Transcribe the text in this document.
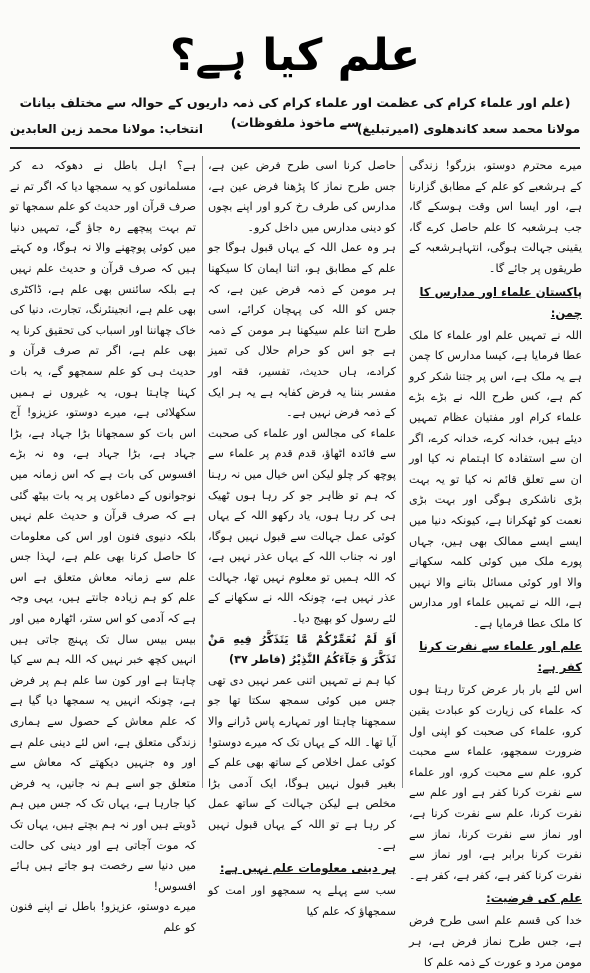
علم کیا ہے؟
(علم اور علماء کرام کی عظمت اور علماء کرام کی ذمہ داریوں کے حوالہ سے مختلف بیانات سے ماخوذ ملفوظات)
مولانا محمد سعد کاندھلوی (امیرتبلیغ)
انتخاب: مولانا محمد زین العابدین

میرے محترم دوستو، بزرگو! زندگی کے ہرشعبے کو علم کے مطابق گزارنا ہے، اور ایسا اس وقت ہوسکے گا، جب ہرشعبہ کا علم حاصل کرے گا، یقینی جہالت ہوگی، انتہاہرشعبہ کے طریقوں پر جائے گا۔

پاکستان علماء اور مدارس کا چمن:

اللہ نے تمہیں علم اور علماء کا ملک عطا فرمایا ہے، کیسا مدارس کا چمن ہے یہ ملک ہے، اس پر جتنا شکر کرو کم ہے، کس طرح اللہ نے بڑے بڑے علماء کرام اور مفتیان عظام تمہیں دیئے ہیں، خدانہ کرے، خدانہ کرے، اگر ان سے استفادہ کا اہتمام نہ کیا اور ان سے تعلق قائم نہ کیا تو یہ بہت بڑی ناشکری ہوگی اور بہت بڑی نعمت کو ٹھکرانا ہے، کیونکہ دنیا میں ایسے ایسے ممالک بھی ہیں، جہاں پورے ملک میں کوئی کلمہ سکھانے والا اور کوئی مسائل بتانے والا نہیں ہے، اللہ نے تمہیں علماء اور مدارس کا ملک عطا فرمایا ہے۔

علم اور علماء سے نفرت کرنا کفر ہے:

اس لئے بار بار عرض کرتا رہتا ہوں کہ علماء کی زیارت کو عبادت یقین کرو، علماء کی صحبت کو اپنی اول ضرورت سمجھو، علماء سے محبت کرو، علم سے محبت کرو، اور علماء سے نفرت کرنا کفر ہے اور علم سے نفرت کرنا، علم سے نفرت کرنا ہے، اور نماز سے نفرت کرنا، نماز سے نفرت کرنا برابر ہے، اور نماز سے نفرت کرنا کفر ہے، کفر ہے، کفر ہے۔

علم کی فرضیت:

خدا کی قسم علم اسی طرح فرض ہے، جس طرح نماز فرض ہے، ہر مومن مرد و عورت کے ذمہ علم کا

حاصل کرنا اسی طرح فرض عین ہے، جس طرح نماز کا پڑھنا فرض عین ہے، مدارس کی طرف رخ کرو اور اپنے بچوں کو دینی مدارس میں داخل کرو۔

ہر وہ عمل اللہ کے یہاں قبول ہوگا جو علم کے مطابق ہو، اتنا ایمان کا سیکھنا ہر مومن کے ذمہ فرض عین ہے، کہ جس کو اللہ کی پہچان کرائے، اسی طرح اتنا علم سیکھنا ہر مومن کے ذمہ ہے جو اس کو حرام حلال کی تمیز کرادے، ہاں حدیث، تفسیر، فقہ اور مفسر بننا یہ فرض کفایہ ہے یہ ہر ایک کے ذمہ فرض نہیں ہے۔

علماء کی مجالس اور علماء کی صحبت سے فائدہ اٹھاؤ، قدم قدم پر علماء سے پوچھ کر چلو لیکن اس خیال میں نہ رہنا کہ ہم تو ظاہر جو کر رہا ہوں ٹھیک ہی کر رہا ہوں، یاد رکھو اللہ کے یہاں کوئی عمل جہالت سے قبول نہیں ہوگا، اور نہ جناب اللہ کے یہاں عذر نہیں ہے، کہ اللہ ہمیں تو معلوم نہیں تھا، جہالت عذر نہیں ہے، چونکہ اللہ نے سکھانے کے لئے رسول کو بھیج دیا۔

اَوَ لَمْ نُعَمِّرْكُمْ مَّا يَتَذَكَّرُ فِيهِ مَنْ تَذَكَّرَ وَ جَآءَكُمُ النَّذِيْرُ (فاطر ۳۷)

کیا ہم نے تمہیں اتنی عمر نہیں دی تھی جس میں کوئی سمجھ سکتا تھا جو سمجھنا چاہتا اور تمہارے پاس ڈرانے والا آیا تھا۔ اللہ کے یہاں تک کہ میرے دوستو! کوئی عمل اخلاص کے ساتھ بھی علم کے بغیر قبول نہیں ہوگا، ایک آدمی بڑا مخلص ہے لیکن جہالت کے ساتھ عمل کر رہا ہے تو اللہ کے یہاں قبول نہیں ہے۔

ہر دینی معلومات علم نہیں ہے:

سب سے پہلے یہ سمجھو اور امت کو سمجھاؤ کہ علم کیا

ہے؟ اہل باطل نے دھوکہ دے کر مسلمانوں کو یہ سمجھا دیا کہ اگر تم نے صرف قرآن اور حدیث کو علم سمجھا تو تم بہت پیچھے رہ جاؤ گے، تمہیں دنیا میں کوئی پوچھنے والا نہ ہوگا، وہ کہتے ہیں کہ صرف قرآن و حدیث علم نہیں ہے بلکہ سائنس بھی علم ہے، ڈاکٹری بھی علم ہے، انجینئرنگ، تجارت، دنیا کی خاک چھاننا اور اسباب کی تحقیق کرنا یہ بھی علم ہے، اگر تم صرف قرآن و حدیث ہی کو علم سمجھو گے، یہ بات کہنا چاہتا ہوں، یہ غیروں نے ہمیں سکھلائی ہے، میرے دوستو، عزیزو! آج اس بات کو سمجھانا بڑا جہاد ہے، بڑا جہاد ہے، بڑا جہاد ہے، وہ نہ بڑے افسوس کی بات ہے کہ اس زمانہ میں نوجوانوں کے دماغوں پر یہ بات بیٹھ گئی ہے کہ صرف قرآن و حدیث علم نہیں بلکہ دنیوی فنون اور اس کی معلومات کا حاصل کرنا بھی علم ہے، لہذا جس علم سے زمانہ معاش متعلق ہے اس علم کو ہم زیادہ جانتے ہیں، یہی وجہ ہے کہ آدمی کو اس ستر، اٹھارہ میں اور بیس بیس سال تک پہنچ جاتی ہیں انہیں کچھ خبر نہیں کہ اللہ ہم سے کیا چاہتا ہے اور کون سا علم ہم پر فرض ہے، چونکہ انہیں یہ سمجھا دیا گیا ہے کہ علم معاش کے حصول سے ہماری زندگی متعلق ہے، اس لئے دینی علم ہے اور وہ جنہیں دیکھتے کہ معاش سے متعلق جو اسے ہم نہ جانیں، یہ فرض کیا جارہا ہے، یہاں تک کہ جس میں ہم ڈوبتے ہیں اور نہ ہم بچتے ہیں، یہاں تک کہ موت آجاتی ہے اور دینی کی حالت میں دنیا سے رخصت ہو جاتے ہیں ہائے افسوس!

میرے دوستو، عزیزو! باطل نے اپنے فنون کو علم
